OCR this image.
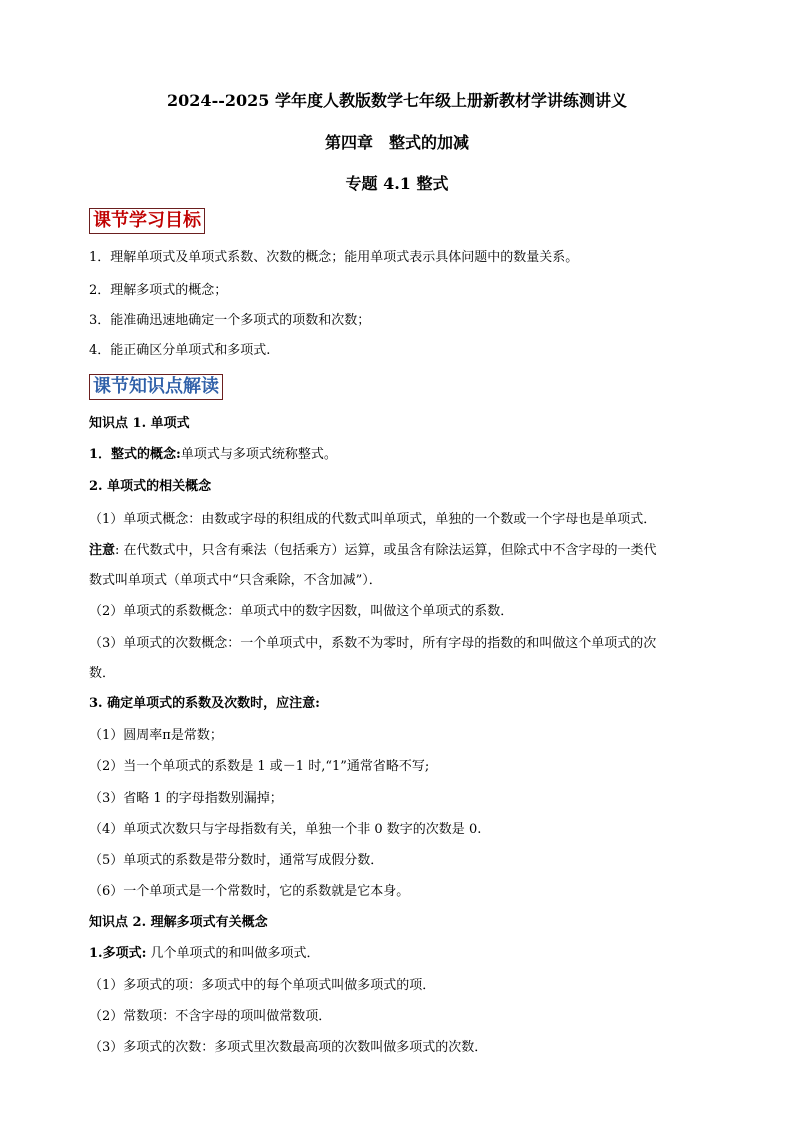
2024--2025 学年度人教版数学七年级上册新教材学讲练测讲义
第四章　整式的加减
专题 4.1 整式
课节学习目标
1．理解单项式及单项式系数、次数的概念；能用单项式表示具体问题中的数量关系。
2．理解多项式的概念；
3．能准确迅速地确定一个多项式的项数和次数；
4．能正确区分单项式和多项式.
课节知识点解读
知识点 1. 单项式
1．整式的概念:单项式与多项式统称整式。
2. 单项式的相关概念
（1）单项式概念：由数或字母的积组成的代数式叫单项式，单独的一个数或一个字母也是单项式．
注意: 在代数式中，只含有乘法（包括乘方）运算，或虽含有除法运算，但除式中不含字母的一类代
数式叫单项式（单项式中“只含乘除，不含加减”）．
（2）单项式的系数概念：单项式中的数字因数，叫做这个单项式的系数．
（3）单项式的次数概念：一个单项式中，系数不为零时，所有字母的指数的和叫做这个单项式的次
数．
3. 确定单项式的系数及次数时，应注意:
（1）圆周率π是常数；
（2）当一个单项式的系数是 1 或－1 时,“1”通常省略不写;
（3）省略 1 的字母指数别漏掉；
（4）单项式次数只与字母指数有关，单独一个非 0 数字的次数是 0.
（5）单项式的系数是带分数时，通常写成假分数．
（6）一个单项式是一个常数时，它的系数就是它本身。
知识点 2. 理解多项式有关概念
1.多项式: 几个单项式的和叫做多项式．
（1）多项式的项：多项式中的每个单项式叫做多项式的项．
（2）常数项：不含字母的项叫做常数项．
（3）多项式的次数：多项式里次数最高项的次数叫做多项式的次数．
